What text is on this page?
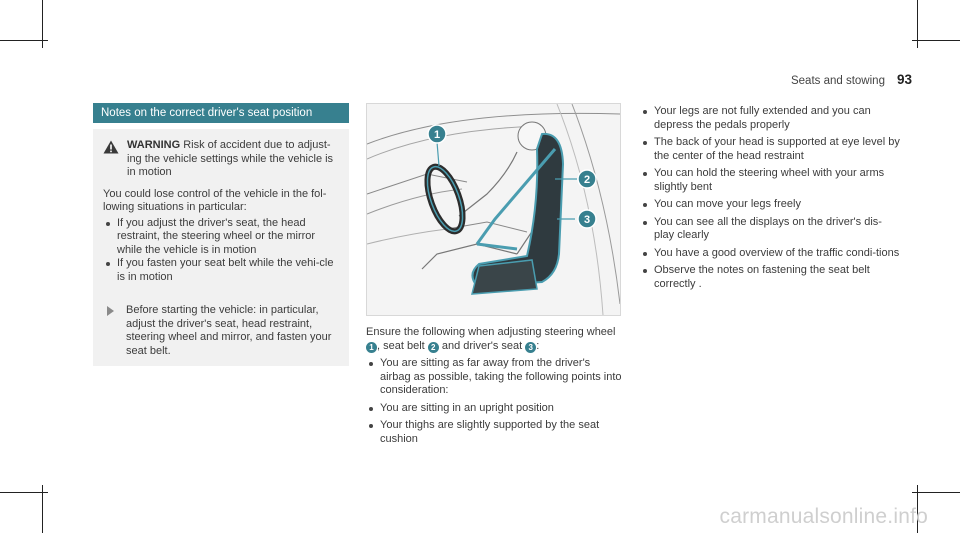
Seats and stowing 93
Notes on the correct driver's seat position
WARNING Risk of accident due to adjust-ing the vehicle settings while the vehicle is in motion
You could lose control of the vehicle in the fol-lowing situations in particular:
If you adjust the driver's seat, the head restraint, the steering wheel or the mirror while the vehicle is in motion
If you fasten your seat belt while the vehi-cle is in motion
Before starting the vehicle: in particular, adjust the driver's seat, head restraint, steering wheel and mirror, and fasten your seat belt.
1
2
3
Ensure the following when adjusting steering wheel 1 , seat belt 2 and driver's seat 3 :
You are sitting as far away from the driver's airbag as possible, taking the following points into consideration:
You are sitting in an upright position
Your thighs are slightly supported by the seat cushion
Your legs are not fully extended and you can depress the pedals properly
The back of your head is supported at eye level by the center of the head restraint
You can hold the steering wheel with your arms slightly bent
You can move your legs freely
You can see all the displays on the driver's dis-play clearly
You have a good overview of the traffic condi-tions
Observe the notes on fastening the seat belt correctly .
carmanualsonline.info
